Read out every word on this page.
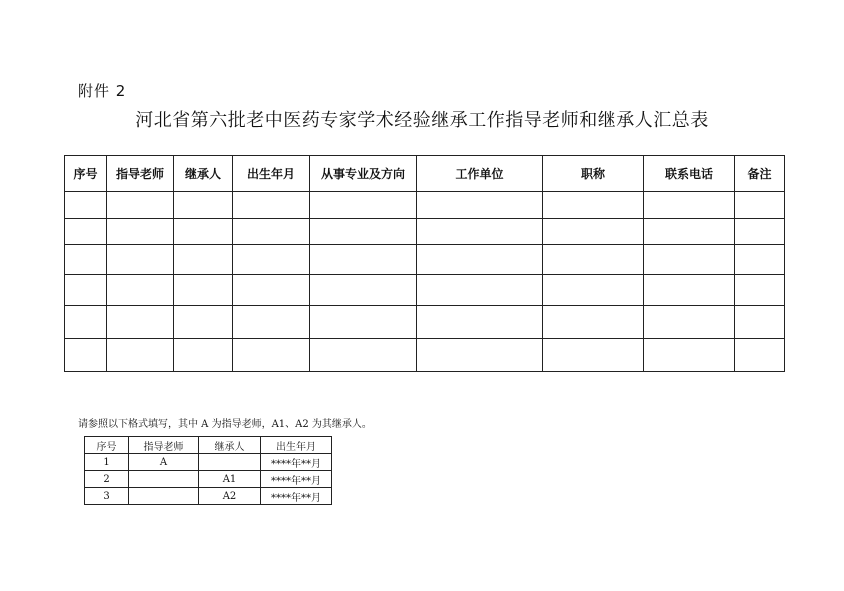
附件 2
河北省第六批老中医药专家学术经验继承工作指导老师和继承人汇总表
序号	指导老师	继承人	出生年月	从事专业及方向	工作单位	职称	联系电话	备注

请参照以下格式填写，其中 A 为指导老师，A1、A2 为其继承人。
序号	指导老师	继承人	出生年月
1	A		****年**月
2		A1	****年**月
3		A2	****年**月
